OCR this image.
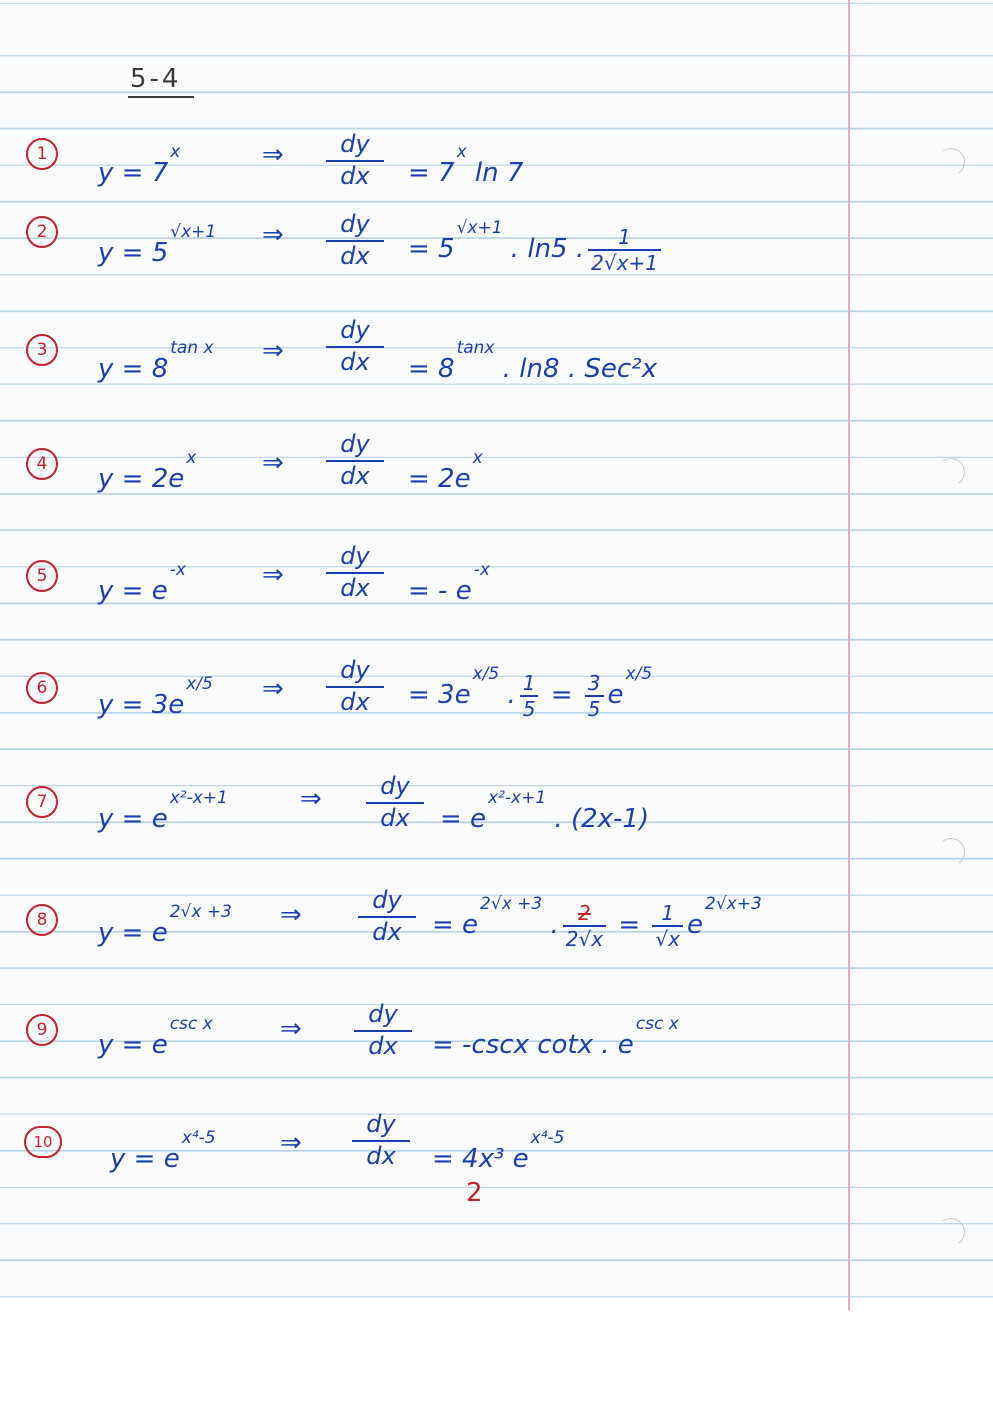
5-4
1
$y = 7^x$	⇒ $\frac{dy}{dx} = 7^x$ ln 7
2
$y = 5^{√x+1}$ ⇒ $\frac{dy}{dx} = 5^{√x+1}$ . ln5 . $\frac{1}{2√x+1}$
3
$y = 8^{tan x}$ ⇒ $\frac{dy}{dx} = 8^{tanx}$ . ln8 . Sec²x
4	$y = 2e^x$	⇒ $\frac{dy}{dx} = 2e^x$
5	$y = e^{-x}$	⇒ $\frac{dy}{dx}$ = - $e^{-x}$
6
$y = 3e^{x/5}$ ⇒ $\frac{dy}{dx} = 3e^{x/5}$ . $\frac{1}{5} = \frac{3}{5} e^{x/5}$
7
$y = e^{x^2-x+1}$	⇒ $\frac{dy}{dx} = e^{x^2-x+1}$ . (2x-1)
8	$y = e^{2√x +3}$ ⇒ $\frac{dy}{dx} = e^{2√x +3}$ . $\frac{2}{2√x} = \frac{1}{√x} e^{2√x+3}$
9	$y = e^{csc x}$	⇒ $\frac{dy}{dx} = -\csc x$ cotx . $e^{csc x}$
10
$y = e^{x^4-5}$ ⇒ $\frac{dy}{dx} = 4x^3$ $e^{x^4-5}$
2
